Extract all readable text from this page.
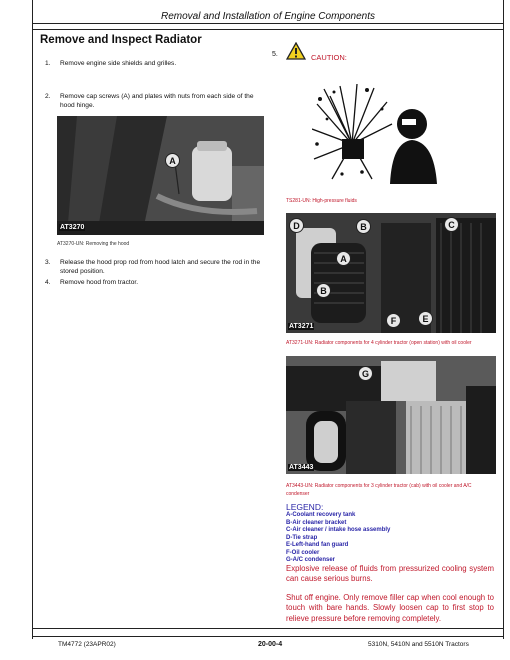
Removal and Installation of Engine Components
Remove and Inspect Radiator
1. Remove engine side shields and grilles.
2. Remove cap screws (A) and plates with nuts from each side of the hood hinge.
A
AT3270
AT3270-UN: Removing the hood
3. Release the hood prop rod from hood latch and secure the rod in the stored position.
4. Remove hood from tractor.
5.	CAUTION:
TS281-UN: High-pressure fluids
D	B	C
A
B
F	E
AT3271
AT3271-UN: Radiator components for 4 cylinder tractor (open station) with oil cooler
G
AT3443
AT3443-UN: Radiator components for 3 cylinder tractor (cab) with oil cooler and A/C condenser
LEGEND:
A-Coolant recovery tank
B-Air cleaner bracket
C-Air cleaner / intake hose assembly
D-Tie strap
E-Left-hand fan guard
F-Oil cooler
G-A/C condenser
Explosive release of fluids from pressurized cooling system can cause serious burns.
Shut off engine. Only remove filler cap when cool enough to touch with bare hands. Slowly loosen cap to first stop to relieve pressure before removing completely.
TM4772 (23APR02)	20-00-4	5310N, 5410N and 5510N Tractors
